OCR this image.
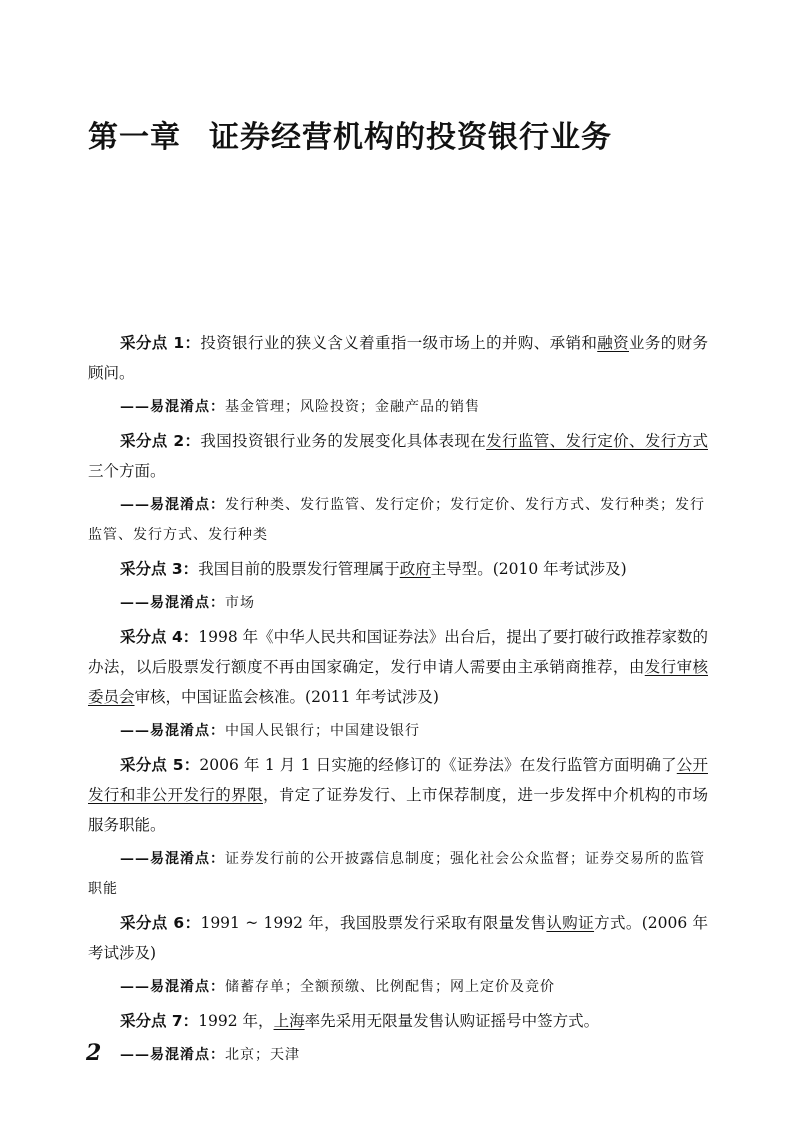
第一章 证券经营机构的投资银行业务

采分点 1：投资银行业的狭义含义着重指一级市场上的并购、承销和融资业务的财务顾问。

——易混淆点：基金管理；风险投资；金融产品的销售

采分点 2：我国投资银行业务的发展变化具体表现在发行监管、发行定价、发行方式三个方面。

——易混淆点：发行种类、发行监管、发行定价；发行定价、发行方式、发行种类；发行监管、发行方式、发行种类

采分点 3：我国目前的股票发行管理属于政府主导型。(2010 年考试涉及)

——易混淆点：市场

采分点 4：1998 年《中华人民共和国证券法》出台后，提出了要打破行政推荐家数的办法，以后股票发行额度不再由国家确定，发行申请人需要由主承销商推荐，由发行审核委员会审核，中国证监会核准。(2011 年考试涉及)

——易混淆点：中国人民银行；中国建设银行

采分点 5：2006 年 1 月 1 日实施的经修订的《证券法》在发行监管方面明确了公开发行和非公开发行的界限，肯定了证券发行、上市保荐制度，进一步发挥中介机构的市场服务职能。

——易混淆点：证券发行前的公开披露信息制度；强化社会公众监督；证券交易所的监管职能

采分点 6：1991 ~ 1992 年，我国股票发行采取有限量发售认购证方式。(2006 年考试涉及)

——易混淆点：储蓄存单；全额预缴、比例配售；网上定价及竞价

采分点 7：1992 年，上海率先采用无限量发售认购证摇号中签方式。

——易混淆点：北京；天津

2
